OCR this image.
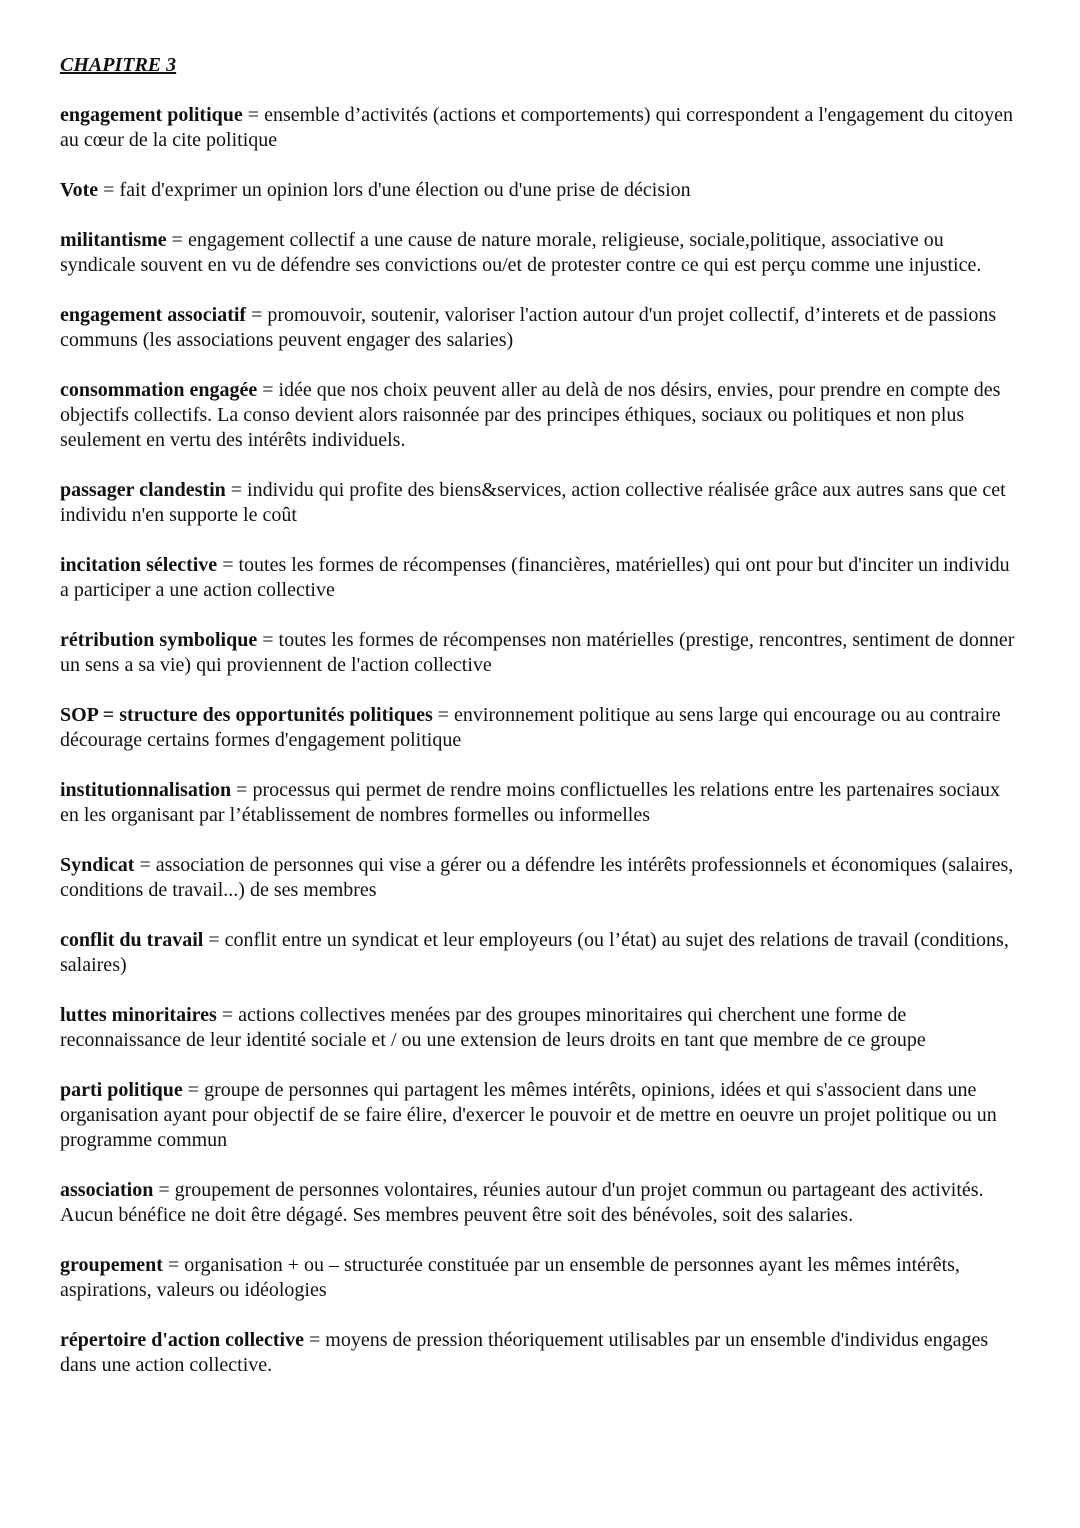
CHAPITRE 3
engagement politique = ensemble d’activités (actions et comportements) qui correspondent a l'engagement du citoyen au cœur de la cite politique
Vote = fait d'exprimer un opinion lors d'une élection ou d'une prise de décision
militantisme = engagement collectif a une cause de nature morale, religieuse, sociale,politique, associative ou syndicale souvent en vu de défendre ses convictions ou/et de protester contre ce qui est perçu comme une injustice.
engagement associatif = promouvoir, soutenir, valoriser l'action autour d'un projet collectif, d’interets et de passions communs (les associations peuvent engager des salaries)
consommation engagée = idée que nos choix peuvent aller au delà de nos désirs, envies, pour prendre en compte des objectifs collectifs. La conso devient alors raisonnée par des principes éthiques, sociaux ou politiques et non plus seulement en vertu des intérêts individuels.
passager clandestin = individu qui profite des biens&services, action collective réalisée grâce aux autres sans que cet individu n'en supporte le coût
incitation sélective = toutes les formes de récompenses (financières, matérielles) qui ont pour but d'inciter un individu a participer a une action collective
rétribution symbolique = toutes les formes de récompenses non matérielles (prestige, rencontres, sentiment de donner un sens a sa vie) qui proviennent de l'action collective
SOP = structure des opportunités politiques = environnement politique au sens large qui encourage ou au contraire décourage certains formes d'engagement politique
institutionnalisation = processus qui permet de rendre moins conflictuelles les relations entre les partenaires sociaux en les organisant par l’établissement de nombres formelles ou informelles
Syndicat = association de personnes qui vise a gérer ou a défendre les intérêts professionnels et économiques (salaires, conditions de travail...) de ses membres
conflit du travail = conflit entre un syndicat et leur employeurs (ou l’état) au sujet des relations de travail (conditions, salaires)
luttes minoritaires = actions collectives menées par des groupes minoritaires qui cherchent une forme de reconnaissance de leur identité sociale et / ou une extension de leurs droits en tant que membre de ce groupe
parti politique = groupe de personnes qui partagent les mêmes intérêts, opinions, idées et qui s'associent dans une organisation ayant pour objectif de se faire élire, d'exercer le pouvoir et de mettre en oeuvre un projet politique ou un programme commun
association = groupement de personnes volontaires, réunies autour d'un projet commun ou partageant des activités. Aucun bénéfice ne doit être dégagé. Ses membres peuvent être soit des bénévoles, soit des salaries.
groupement = organisation + ou – structurée constituée par un ensemble de personnes ayant les mêmes intérêts, aspirations, valeurs ou idéologies
répertoire d'action collective = moyens de pression théoriquement utilisables par un ensemble d'individus engages dans une action collective.
